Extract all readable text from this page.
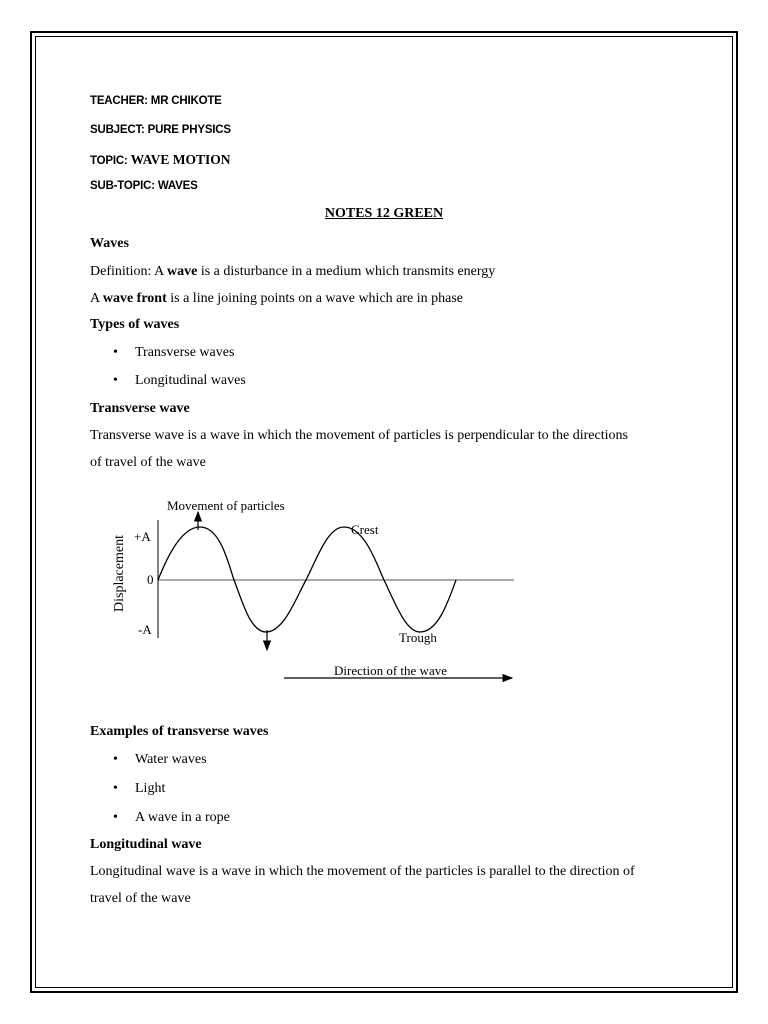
TEACHER: MR CHIKOTE
SUBJECT: PURE PHYSICS
TOPIC: WAVE MOTION
SUB-TOPIC: WAVES
NOTES 12 GREEN
Waves
Definition: A wave is a disturbance in a medium which transmits energy
A wave front is a line joining points on a wave which are in phase
Types of waves
• Transverse waves
• Longitudinal waves
Transverse wave
Transverse wave is a wave in which the movement of particles is perpendicular to the directions
of travel of the wave
Movement of particles
+A
0
-A
Crest
Trough
Direction of the wave
Displacement
Examples of transverse waves
• Water waves
• Light
• A wave in a rope
Longitudinal wave
Longitudinal wave is a wave in which the movement of the particles is parallel to the direction of
travel of the wave
